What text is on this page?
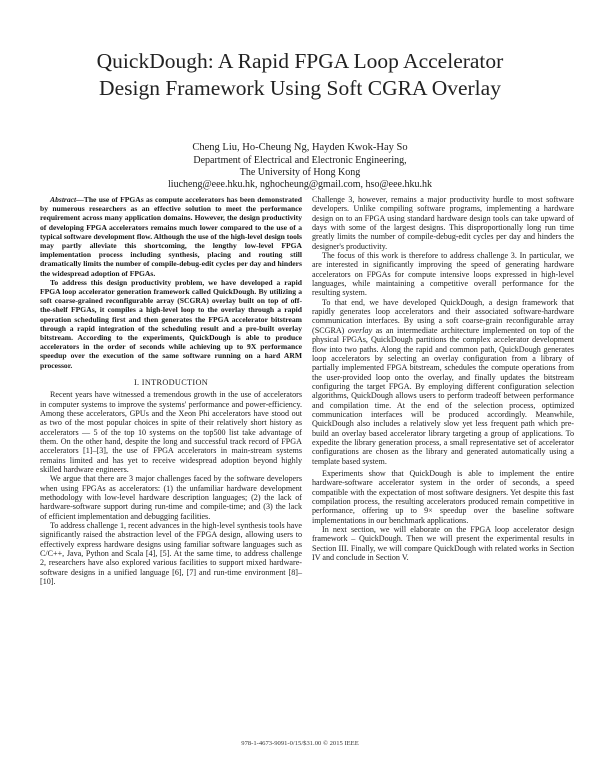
QuickDough: A Rapid FPGA Loop Accelerator
Design Framework Using Soft CGRA Overlay
Cheng Liu, Ho-Cheung Ng, Hayden Kwok-Hay So
Department of Electrical and Electronic Engineering,
The University of Hong Kong
liucheng@eee.hku.hk, nghocheung@gmail.com, hso@eee.hku.hk

Abstract—The use of FPGAs as compute accelerators has been demonstrated by numerous researchers as an effective solution to meet the performance requirement across many application domains. However, the design productivity of developing FPGA accelerators remains much lower compared to the use of a typical software development flow. Although the use of the high-level design tools may partly alleviate this shortcoming, the lengthy low-level FPGA implementation process including synthesis, placing and routing still dramatically limits the number of compile-debug-edit cycles per day and hinders the widespread adoption of FPGAs.

To address this design productivity problem, we have developed a rapid FPGA loop accelerator generation framework called QuickDough. By utilizing a soft coarse-grained reconfigurable array (SCGRA) overlay built on top of off-the-shelf FPGAs, it compiles a high-level loop to the overlay through a rapid operation scheduling first and then generates the FPGA accelerator bitstream through a rapid integration of the scheduling result and a pre-built overlay bitstream. According to the experiments, QuickDough is able to produce accelerators in the order of seconds while achieving up to 9X performance speedup over the execution of the same software running on a hard ARM processor.

I. INTRODUCTION

Recent years have witnessed a tremendous growth in the use of accelerators in computer systems to improve the systems' performance and power-efficiency. Among these accelerators, GPUs and the Xeon Phi accelerators have stood out as two of the most popular choices in spite of their relatively short history as accelerators — 5 of the top 10 systems on the top500 list take advantage of them. On the other hand, despite the long and successful track record of FPGA accelerators [1]–[3], the use of FPGA accelerators in main-stream systems remains limited and has yet to receive widespread adoption beyond highly skilled hardware engineers.

We argue that there are 3 major challenges faced by the software developers when using FPGAs as accelerators: (1) the unfamiliar hardware development methodology with low-level hardware description languages; (2) the lack of hardware-software support during run-time and compile-time; and (3) the lack of efficient implementation and debugging facilities.

To address challenge 1, recent advances in the high-level synthesis tools have significantly raised the abstraction level of the FPGA design, allowing users to effectively express hardware designs using familiar software languages such as C/C++, Java, Python and Scala [4], [5]. At the same time, to address challenge 2, researchers have also explored various facilities to support mixed hardware-software designs in a unified language [6], [7] and run-time environment [8]–[10].

Challenge 3, however, remains a major productivity hurdle to most software developers. Unlike compiling software programs, implementing a hardware design on to an FPGA using standard hardware design tools can take upward of days with some of the largest designs. This disproportionally long run time greatly limits the number of compile-debug-edit cycles per day and hinders the designer's productivity.

The focus of this work is therefore to address challenge 3. In particular, we are interested in significantly improving the speed of generating hardware accelerators on FPGAs for compute intensive loops expressed in high-level languages, while maintaining a competitive overall performance for the resulting system.

To that end, we have developed QuickDough, a design framework that rapidly generates loop accelerators and their associated software-hardware communication interfaces. By using a soft coarse-grain reconfigurable array (SCGRA) overlay as an intermediate architecture implemented on top of the physical FPGAs, QuickDough partitions the complex accelerator development flow into two paths. Along the rapid and common path, QuickDough generates loop accelerators by selecting an overlay configuration from a library of partially implemented FPGA bitstream, schedules the compute operations from the user-provided loop onto the overlay, and finally updates the bitstream configuring the target FPGA. By employing different configuration selection algorithms, QuickDough allows users to perform tradeoff between performance and compilation time. At the end of the selection process, optimized communication interfaces will be produced accordingly. Meanwhile, QuickDough also includes a relatively slow yet less frequent path which pre-build an overlay based accelerator library targeting a group of applications. To expedite the library generation process, a small representative set of accelerator configurations are chosen as the library and generated automatically using a template based system.

Experiments show that QuickDough is able to implement the entire hardware-software accelerator system in the order of seconds, a speed compatible with the expectation of most software designers. Yet despite this fast compilation process, the resulting accelerators produced remain competitive in performance, offering up to 9× speedup over the baseline software implementations in our benchmark applications.

In next section, we will elaborate on the FPGA loop accelerator design framework – QuickDough. Then we will present the experimental results in Section III. Finally, we will compare QuickDough with related works in Section IV and conclude in Section V.

978-1-4673-9091-0/15/$31.00 © 2015 IEEE
